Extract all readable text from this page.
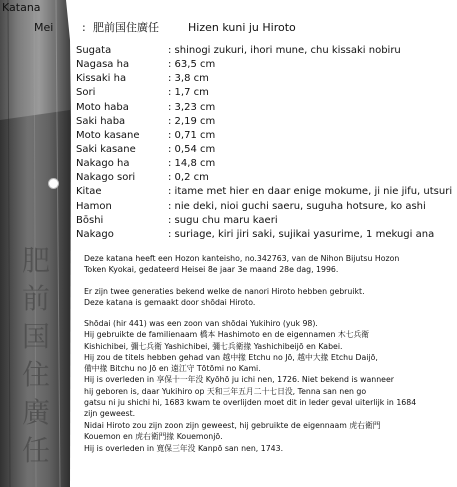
肥
前
国
住
廣
任
Katana
Mei	: 肥前国住廣任	Hizen kuni ju Hiroto
Sugata	: shinogi zukuri, ihori mune, chu kissaki nobiru
Nagasa ha	: 63,5 cm
Kissaki ha	: 3,8 cm
Sori	: 1,7 cm
Moto haba	: 3,23 cm
Saki haba	: 2,19 cm
Moto kasane	: 0,71 cm
Saki kasane	: 0,54 cm
Nakago ha	: 14,8 cm
Nakago sori	: 0,2 cm
Kitae	: itame met hier en daar enige mokume, ji nie jifu, utsuri
Hamon	: nie deki, nioi guchi saeru, suguha hotsure, ko ashi
Bōshi	: sugu chu maru kaeri
Nakago	: suriage, kiri jiri saki, sujikai yasurime, 1 mekugi ana
Deze katana heeft een Hozon kanteisho, no.342763, van de Nihon Bijutsu Hozon
Token Kyokai, gedateerd Heisei 8e jaar 3e maand 28e dag, 1996.
Er zijn twee generaties bekend welke de nanori Hiroto hebben gebruikt.
Deze katana is gemaakt door shōdai Hiroto.
Shōdai (hir 441) was een zoon van shōdai Yukihiro (yuk 98).
Hij gebruikte de familienaam 橋本 Hashimoto en de eigennamen 木七兵衛
Kishichibei, 彌七兵衛 Yashichibei, 彌七兵衛掾 Yashichibeijō en Kabei.
Hij zou de titels hebben gehad van 越中掾 Etchu no Jō, 越中大掾 Etchu Daijō,
備中掾 Bitchu no Jō en 遠江守 Tōtōmi no Kami.
Hij is overleden in 享保十一年没 Kyōhō ju ichi nen, 1726. Niet bekend is wanneer
hij geboren is, daar Yukihiro op 天和三年五月二十七日没, Tenna san nen go
gatsu ni ju shichi hi, 1683 kwam te overlijden moet dit in leder geval uiterlijk in 1684
zijn geweest.
Nidai Hiroto zou zijn zoon zijn geweest, hij gebruikte de eigennaam 虎右衛門
Kouemon en 虎右衛門掾 Kouemonjō.
Hij is overleden in 寛保三年没 Kanpō san nen, 1743.
